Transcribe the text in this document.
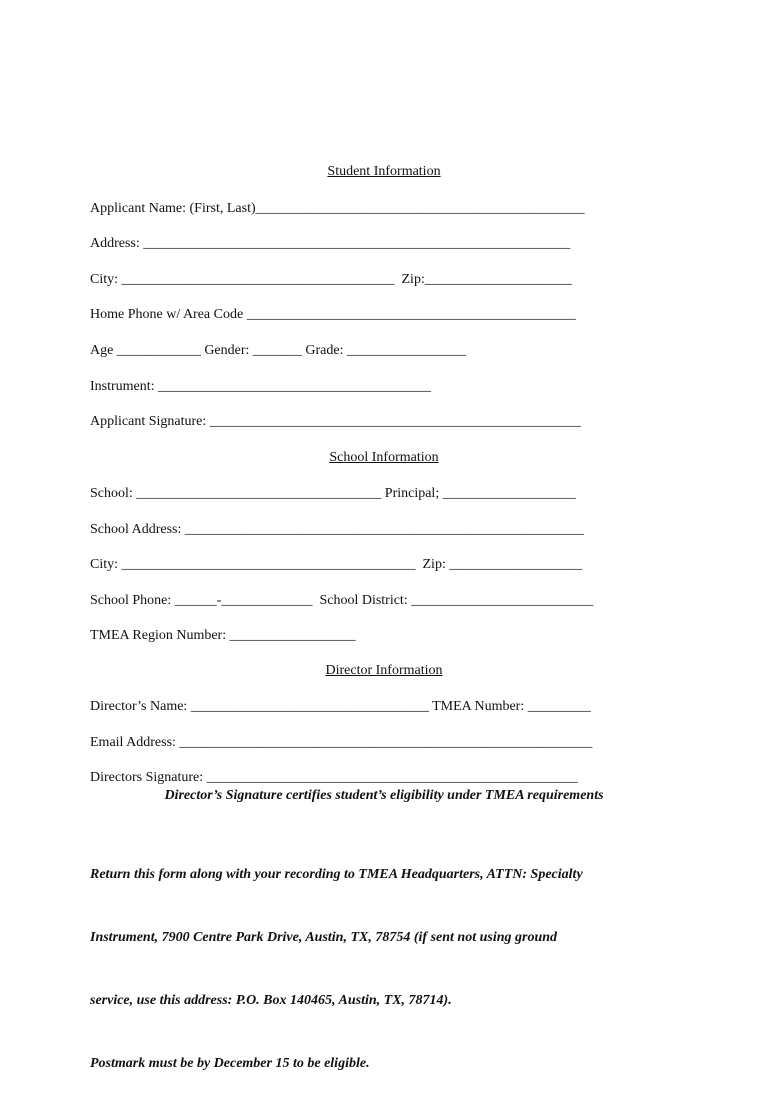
Student Information
Applicant Name: (First, Last)_______________________________________________
Address: _____________________________________________________________
City: _______________________________________  Zip:_____________________
Home Phone w/ Area Code _______________________________________________
Age ____________ Gender: _______ Grade: _________________
Instrument: _______________________________________
Applicant Signature: _____________________________________________________
School Information
School: ___________________________________ Principal; ___________________
School Address: _________________________________________________________
City: __________________________________________  Zip: ___________________
School Phone: ______-_____________  School District: __________________________
TMEA Region Number: __________________
Director Information
Director’s Name: __________________________________ TMEA Number: _________
Email Address: ___________________________________________________________
Directors Signature: _____________________________________________________
Director’s Signature certifies student’s eligibility under TMEA requirements

Return this form along with your recording to TMEA Headquarters, ATTN: Specialty

Instrument, 7900 Centre Park Drive, Austin, TX, 78754 (if sent not using ground

service, use this address: P.O. Box 140465, Austin, TX, 78714).

Postmark must be by December 15 to be eligible.
